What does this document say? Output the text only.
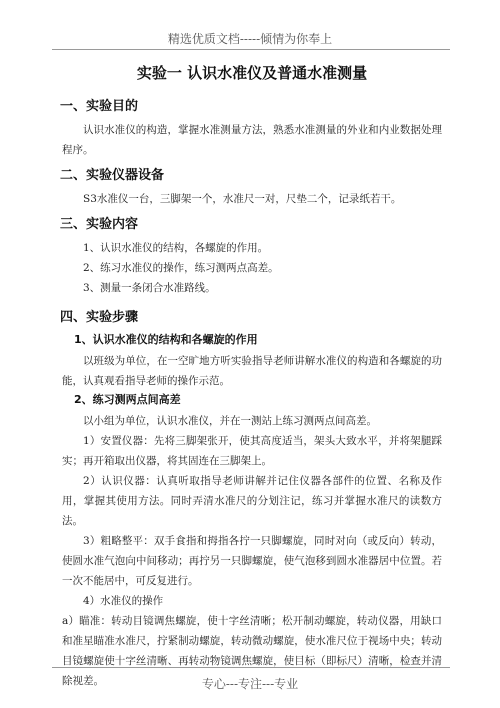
精选优质文档-----倾情为你奉上
实验一 认识水准仪及普通水准测量
一、实验目的

认识水准仪的构造，掌握水准测量方法，熟悉水准测量的外业和内业数据处理程序。

二、实验仪器设备

S3水准仪一台，三脚架一个，水准尺一对，尺垫二个，记录纸若干。

三、实验内容

1、认识水准仪的结构，各螺旋的作用。

2、练习水准仪的操作，练习测两点高差。

3、测量一条闭合水准路线。

四、实验步骤
1、认识水准仪的结构和各螺旋的作用

以班级为单位，在一空旷地方听实验指导老师讲解水准仪的构造和各螺旋的功能，认真观看指导老师的操作示范。

2、练习测两点间高差

以小组为单位，认识水准仪，并在一测站上练习测两点间高差。

1）安置仪器：先将三脚架张开，使其高度适当，架头大致水平，并将架腿踩实；再开箱取出仪器，将其固连在三脚架上。

2）认识仪器：认真听取指导老师讲解并记住仪器各部件的位置、名称及作用，掌握其使用方法。同时弄清水准尺的分划注记，练习并掌握水准尺的读数方法。

3）粗略整平：双手食指和拇指各拧一只脚螺旋，同时对向（或反向）转动，使圆水准气泡向中间移动；再拧另一只脚螺旋，使气泡移到圆水准器居中位置。若一次不能居中，可反复进行。

4）水准仪的操作

a）瞄准：转动目镜调焦螺旋，使十字丝清晰；松开制动螺旋，转动仪器，用缺口和准星瞄准水准尺，拧紧制动螺旋，转动微动螺旋，使水准尺位于视场中央；转动目镜螺旋使十字丝清晰、再转动物镜调焦螺旋，使目标（即标尺）清晰，检查并清除视差。	专心---专注---专业
